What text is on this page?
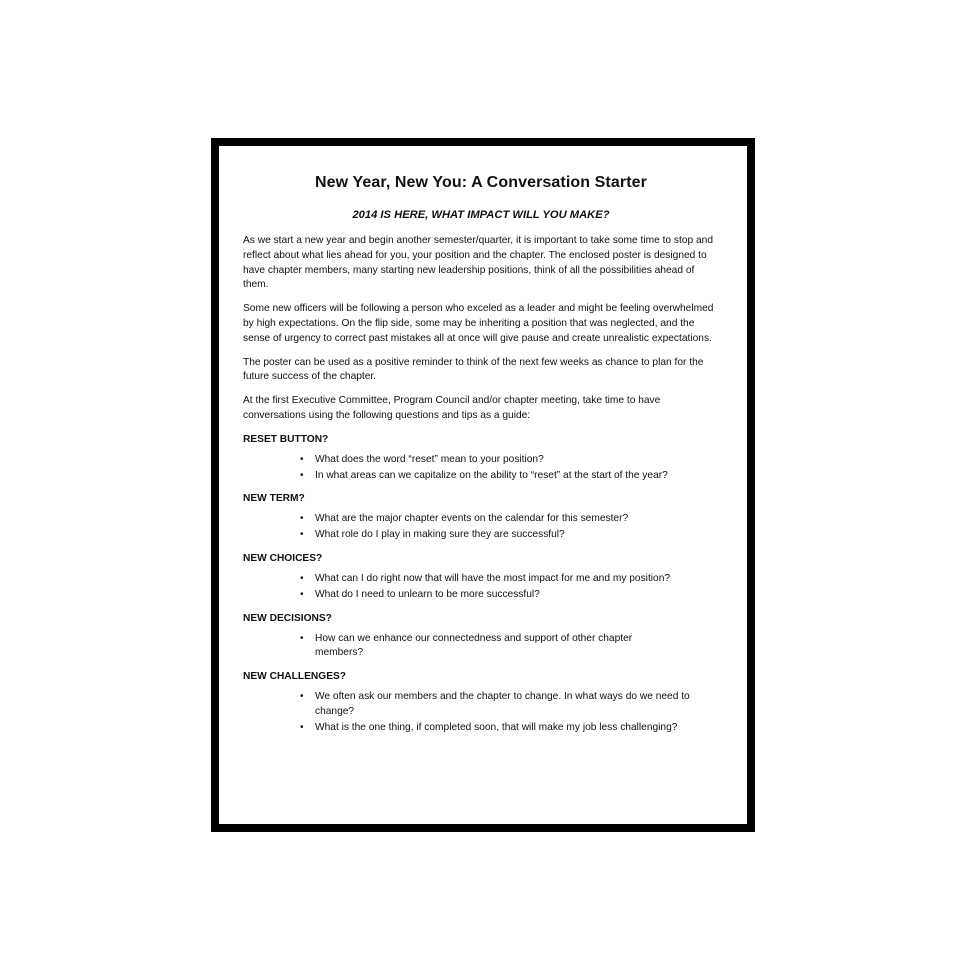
New Year, New You: A Conversation Starter
2014 IS HERE, WHAT IMPACT WILL YOU MAKE?

As we start a new year and begin another semester/quarter, it is important to take some time to stop and reflect about what lies ahead for you, your position and the chapter. The enclosed poster is designed to have chapter members, many starting new leadership positions, think of all the possibilities ahead of them.

Some new officers will be following a person who exceled as a leader and might be feeling overwhelmed by high expectations. On the flip side, some may be inheriting a position that was neglected, and the sense of urgency to correct past mistakes all at once will give pause and create unrealistic expectations.

The poster can be used as a positive reminder to think of the next few weeks as chance to plan for the future success of the chapter.

At the first Executive Committee, Program Council and/or chapter meeting, take time to have conversations using the following questions and tips as a guide:

RESET BUTTON?
• What does the word “reset” mean to your position?
• In what areas can we capitalize on the ability to “reset” at the start of the year?
NEW TERM?
• What are the major chapter events on the calendar for this semester?
• What role do I play in making sure they are successful?
NEW CHOICES?
• What can I do right now that will have the most impact for me and my position?
• What do I need to unlearn to be more successful?
NEW DECISIONS?
• How can we enhance our connectedness and support of other chapter members?
NEW CHALLENGES?
• We often ask our members and the chapter to change. In what ways do we need to change?
• What is the one thing, if completed soon, that will make my job less challenging?
